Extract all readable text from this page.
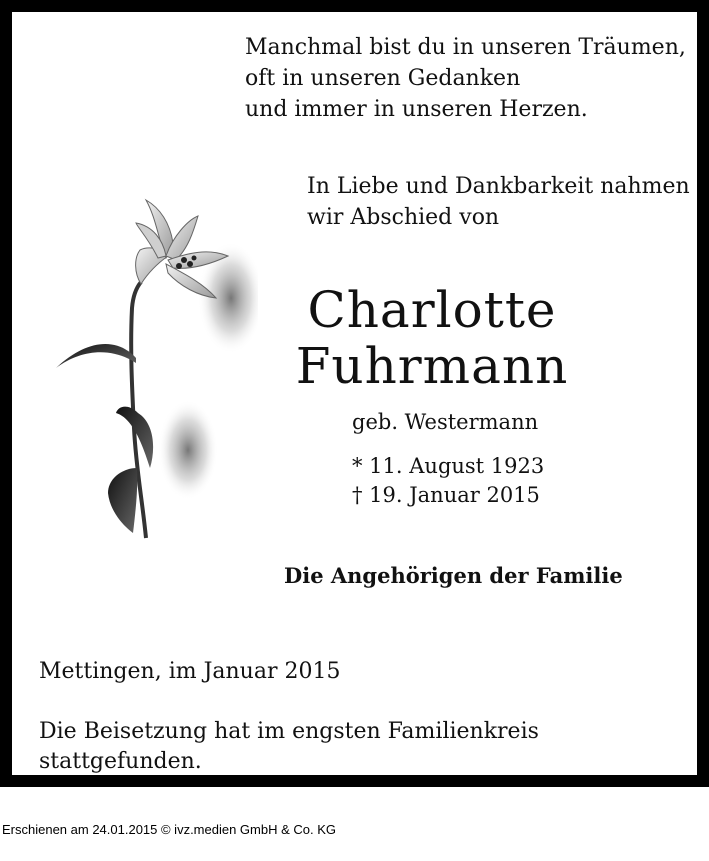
Manchmal bist du in unseren Träumen,
oft in unseren Gedanken
und immer in unseren Herzen.
In Liebe und Dankbarkeit nahmen
wir Abschied von
Charlotte
Fuhrmann
geb. Westermann
* 11. August 1923
† 19. Januar 2015
Die Angehörigen der Familie
Mettingen, im Januar 2015
Die Beisetzung hat im engsten Familienkreis stattgefunden.
Erschienen am 24.01.2015 © ivz.medien GmbH & Co. KG
